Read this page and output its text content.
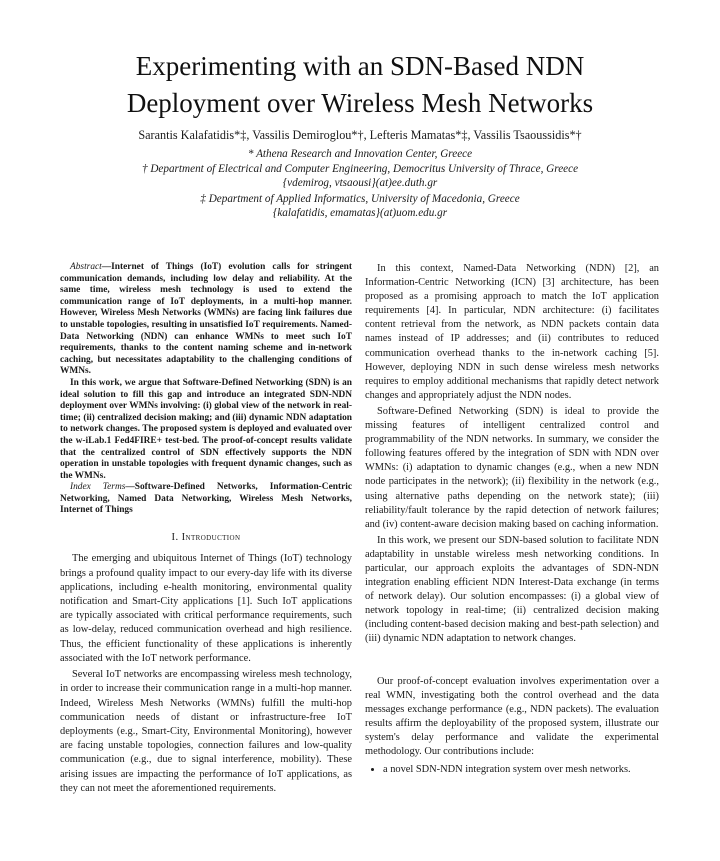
Experimenting with an SDN-Based NDN
Deployment over Wireless Mesh Networks
Sarantis Kalafatidis*‡, Vassilis Demiroglou*†, Lefteris Mamatas*‡, Vassilis Tsaoussidis*†
* Athena Research and Innovation Center, Greece
† Department of Electrical and Computer Engineering, Democritus University of Thrace, Greece
{vdemirog, vtsaousi}(at)ee.duth.gr
‡ Department of Applied Informatics, University of Macedonia, Greece
{kalafatidis, emamatas}(at)uom.edu.gr

Abstract—Internet of Things (IoT) evolution calls for stringent communication demands, including low delay and reliability. At the same time, wireless mesh technology is used to extend the communication range of IoT deployments, in a multi-hop manner. However, Wireless Mesh Networks (WMNs) are facing link failures due to unstable topologies, resulting in unsatisfied IoT requirements. Named-Data Networking (NDN) can enhance WMNs to meet such IoT requirements, thanks to the content naming scheme and in-network caching, but necessitates adaptability to the challenging conditions of WMNs.

In this work, we argue that Software-Defined Networking (SDN) is an ideal solution to fill this gap and introduce an integrated SDN-NDN deployment over WMNs involving: (i) global view of the network in real-time; (ii) centralized decision making; and (iii) dynamic NDN adaptation to network changes. The proposed system is deployed and evaluated over the w-iLab.1 Fed4FIRE+ test-bed. The proof-of-concept results validate that the centralized control of SDN effectively supports the NDN operation in unstable topologies with frequent dynamic changes, such as the WMNs.

Index Terms—Software-Defined Networks, Information-Centric Networking, Named Data Networking, Wireless Mesh Networks, Internet of Things
I. Introduction

The emerging and ubiquitous Internet of Things (IoT) technology brings a profound quality impact to our every-day life with its diverse applications, including e-health monitoring, environmental quality notification and Smart-City applications [1]. Such IoT applications are typically associated with critical performance requirements, such as low-delay, reduced communication overhead and high resilience. Thus, the efficient functionality of these applications is inherently associated with the IoT network performance.

Several IoT networks are encompassing wireless mesh technology, in order to increase their communication range in a multi-hop manner. Indeed, Wireless Mesh Networks (WMNs) fulfill the multi-hop communication needs of distant or infrastructure-free IoT deployments (e.g., Smart-City, Environmental Monitoring), however are facing unstable topologies, connection failures and low-quality communication (e.g., due to signal interference, mobility). These arising issues are impacting the performance of IoT applications, as they can not meet the aforementioned requirements.

In this context, Named-Data Networking (NDN) [2], an Information-Centric Networking (ICN) [3] architecture, has been proposed as a promising approach to match the IoT application requirements [4]. In particular, NDN architecture: (i) facilitates content retrieval from the network, as NDN packets contain data names instead of IP addresses; and (ii) contributes to reduced communication overhead thanks to the in-network caching [5]. However, deploying NDN in such dense wireless mesh networks requires to employ additional mechanisms that rapidly detect network changes and appropriately adjust the NDN nodes.

Software-Defined Networking (SDN) is ideal to provide the missing features of intelligent centralized control and programmability of the NDN networks. In summary, we consider the following features offered by the integration of SDN with NDN over WMNs: (i) adaptation to dynamic changes (e.g., when a new NDN node participates in the network); (ii) flexibility in the network (e.g., using alternative paths depending on the network state); (iii) reliability/fault tolerance by the rapid detection of network failures; and (iv) content-aware decision making based on caching information.

In this work, we present our SDN-based solution to facilitate NDN adaptability in unstable wireless mesh networking conditions. In particular, our approach exploits the advantages of SDN-NDN integration enabling efficient NDN Interest-Data exchange (in terms of network delay). Our solution encompasses: (i) a global view of network topology in real-time; (ii) centralized decision making (including content-based decision making and best-path selection) and (iii) dynamic NDN adaptation to network changes.

Our proof-of-concept evaluation involves experimentation over a real WMN, investigating both the control overhead and the data messages exchange performance (e.g., NDN packets). The evaluation results affirm the deployability of the proposed system, illustrate our system's delay performance and validate the experimental methodology. Our contributions include:

• a novel SDN-NDN integration system over mesh networks.
